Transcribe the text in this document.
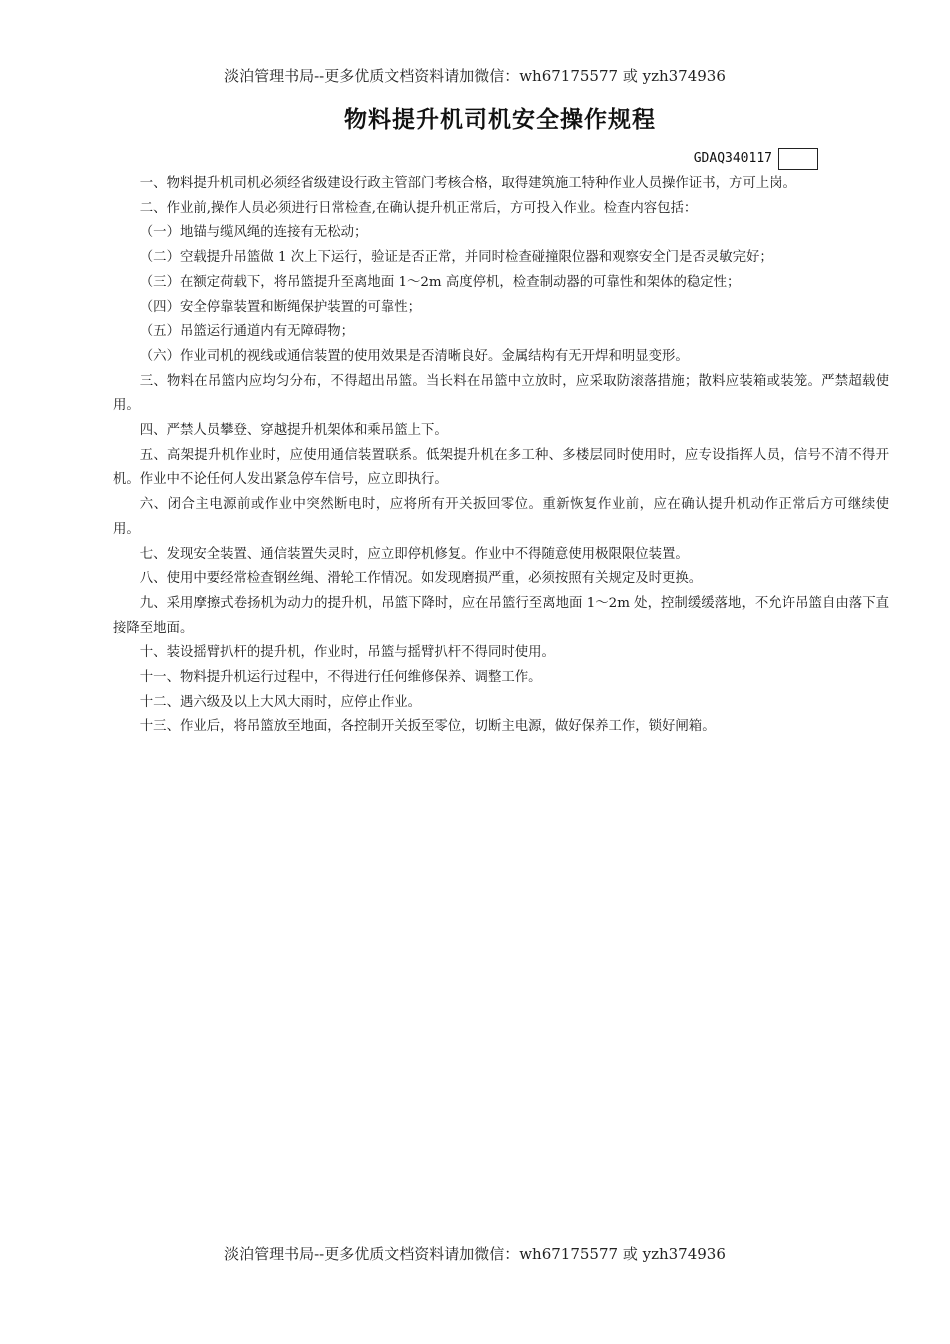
淡泊管理书局--更多优质文档资料请加微信：wh67175577 或 yzh374936
物料提升机司机安全操作规程
GDAQ340117

一、物料提升机司机必须经省级建设行政主管部门考核合格，取得建筑施工特种作业人员操作证书，方可上岗。

二、作业前,操作人员必须进行日常检查,在确认提升机正常后，方可投入作业。检查内容包括：

（一）地锚与缆风绳的连接有无松动；

（二）空载提升吊篮做 1 次上下运行，验证是否正常，并同时检查碰撞限位器和观察安全门是否灵敏完好；

（三）在额定荷载下，将吊篮提升至离地面 1～2m 高度停机，检查制动器的可靠性和架体的稳定性；

（四）安全停靠装置和断绳保护装置的可靠性；

（五）吊篮运行通道内有无障碍物；

（六）作业司机的视线或通信装置的使用效果是否清晰良好。金属结构有无开焊和明显变形。

三、物料在吊篮内应均匀分布，不得超出吊篮。当长料在吊篮中立放时，应采取防滚落措施；散料应装箱或装笼。严禁超载使用。

四、严禁人员攀登、穿越提升机架体和乘吊篮上下。

五、高架提升机作业时，应使用通信装置联系。低架提升机在多工种、多楼层同时使用时，应专设指挥人员，信号不清不得开机。作业中不论任何人发出紧急停车信号，应立即执行。

六、闭合主电源前或作业中突然断电时，应将所有开关扳回零位。重新恢复作业前，应在确认提升机动作正常后方可继续使用。

七、发现安全装置、通信装置失灵时，应立即停机修复。作业中不得随意使用极限限位装置。

八、使用中要经常检查钢丝绳、滑轮工作情况。如发现磨损严重，必须按照有关规定及时更换。

九、采用摩擦式卷扬机为动力的提升机，吊篮下降时，应在吊篮行至离地面 1～2m 处，控制缓缓落地，不允许吊篮自由落下直接降至地面。

十、装设摇臂扒杆的提升机，作业时，吊篮与摇臂扒杆不得同时使用。

十一、物料提升机运行过程中，不得进行任何维修保养、调整工作。

十二、遇六级及以上大风大雨时，应停止作业。

十三、作业后，将吊篮放至地面，各控制开关扳至零位，切断主电源，做好保养工作，锁好闸箱。

淡泊管理书局--更多优质文档资料请加微信：wh67175577 或 yzh374936
